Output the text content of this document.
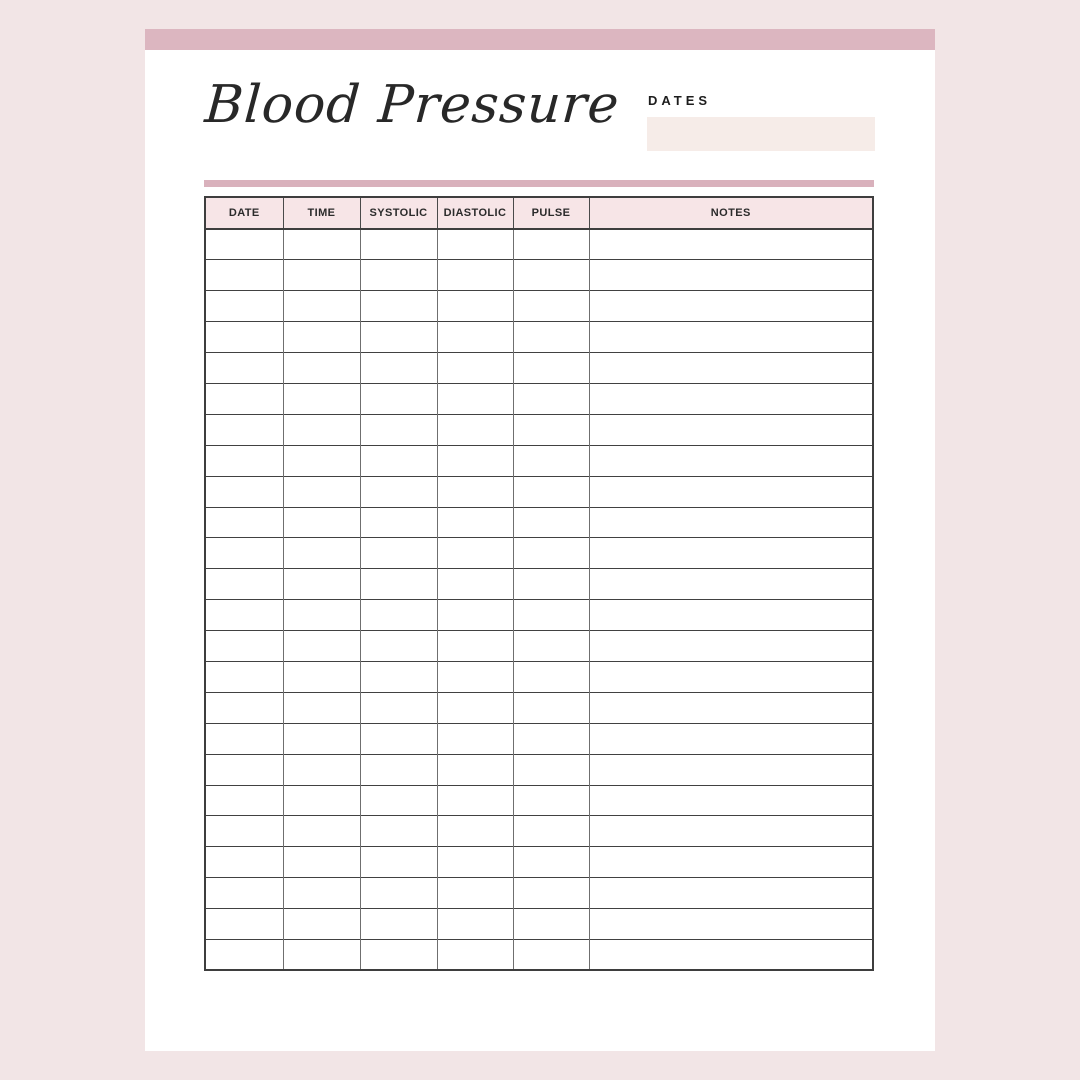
Blood Pressure DATES
DATE	TIME	SYSTOLIC	DIASTOLIC	PULSE	NOTES
